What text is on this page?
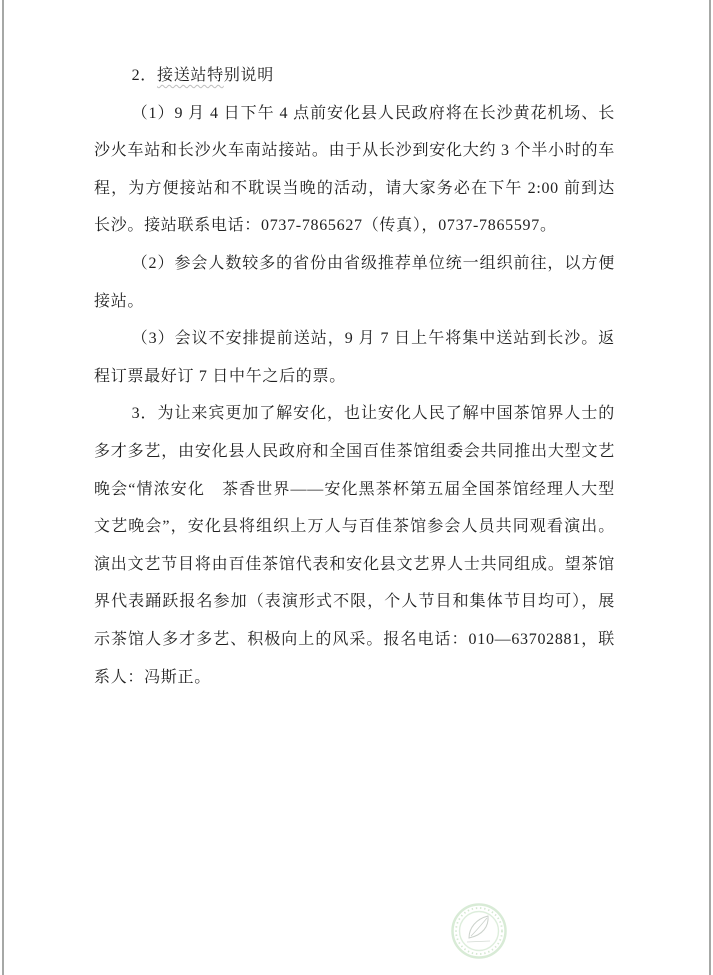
2．接送站特别说明

（1）9 月 4 日下午 4 点前安化县人民政府将在长沙黄花机场、长沙火车站和长沙火车南站接站。由于从长沙到安化大约 3 个半小时的车程，为方便接站和不耽误当晚的活动，请大家务必在下午 2:00 前到达长沙。接站联系电话：0737-7865627（传真），0737-7865597。

（2）参会人数较多的省份由省级推荐单位统一组织前往，以方便接站。

（3）会议不安排提前送站，9 月 7 日上午将集中送站到长沙。返程订票最好订 7 日中午之后的票。

3．为让来宾更加了解安化，也让安化人民了解中国茶馆界人士的多才多艺，由安化县人民政府和全国百佳茶馆组委会共同推出大型文艺晚会“情浓安化　茶香世界——安化黑茶杯第五届全国茶馆经理人大型文艺晚会”，安化县将组织上万人与百佳茶馆参会人员共同观看演出。演出文艺节目将由百佳茶馆代表和安化县文艺界人士共同组成。望茶馆界代表踊跃报名参加（表演形式不限，个人节目和集体节目均可），展示茶馆人多才多艺、积极向上的风采。报名电话：010—63702881，联系人：冯斯正。
